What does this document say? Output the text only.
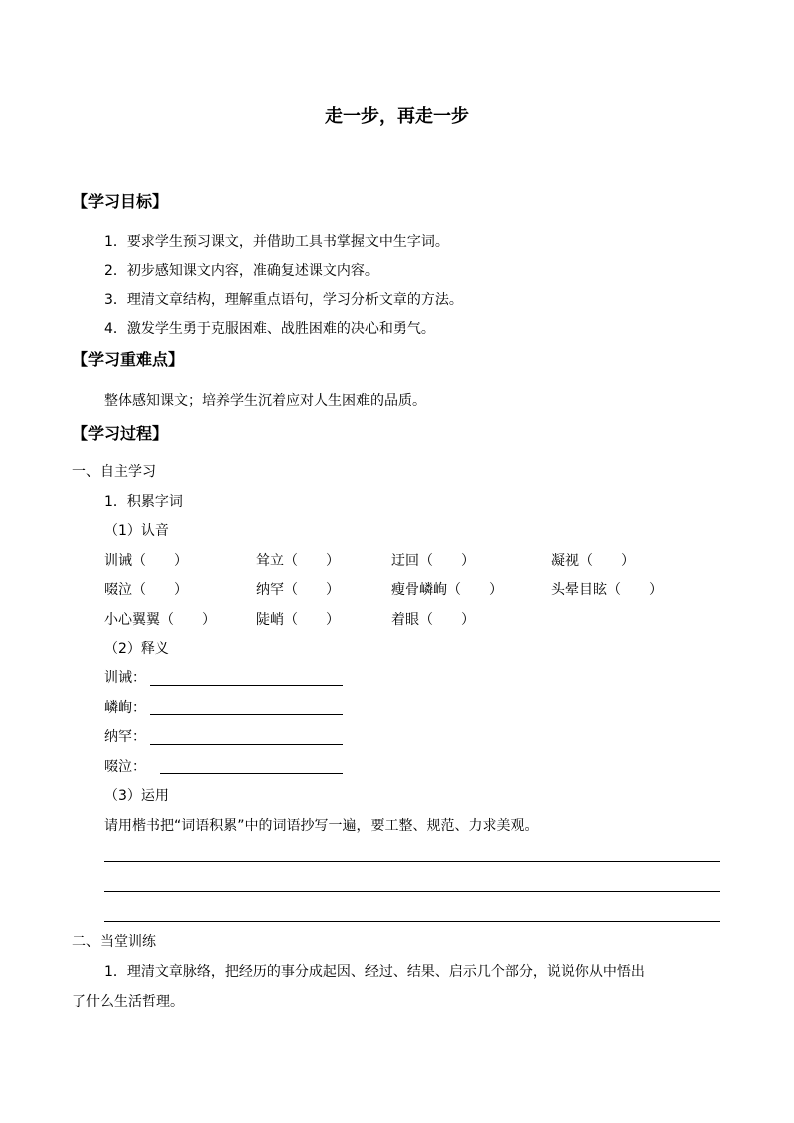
走一步，再走一步
【学习目标】
1．要求学生预习课文，并借助工具书掌握文中生字词。
2．初步感知课文内容，准确复述课文内容。
3．理清文章结构，理解重点语句，学习分析文章的方法。
4．激发学生勇于克服困难、战胜困难的决心和勇气。
【学习重难点】
整体感知课文；培养学生沉着应对人生困难的品质。
【学习过程】
一、自主学习
1．积累字词
（1）认音
训诫（　　）	耸立（　　）	迂回（　　）	凝视（　　）
啜泣（　　）	纳罕（　　）	瘦骨嶙峋（　　）	头晕目眩（　　）
小心翼翼（　　）	陡峭（　　）	着眼（　　）
（2）释义
训诫：
嶙峋：
纳罕：
啜泣：
（3）运用
请用楷书把“词语积累”中的词语抄写一遍，要工整、规范、力求美观。
二、当堂训练
1．理清文章脉络，把经历的事分成起因、经过、结果、启示几个部分，说说你从中悟出
了什么生活哲理。
